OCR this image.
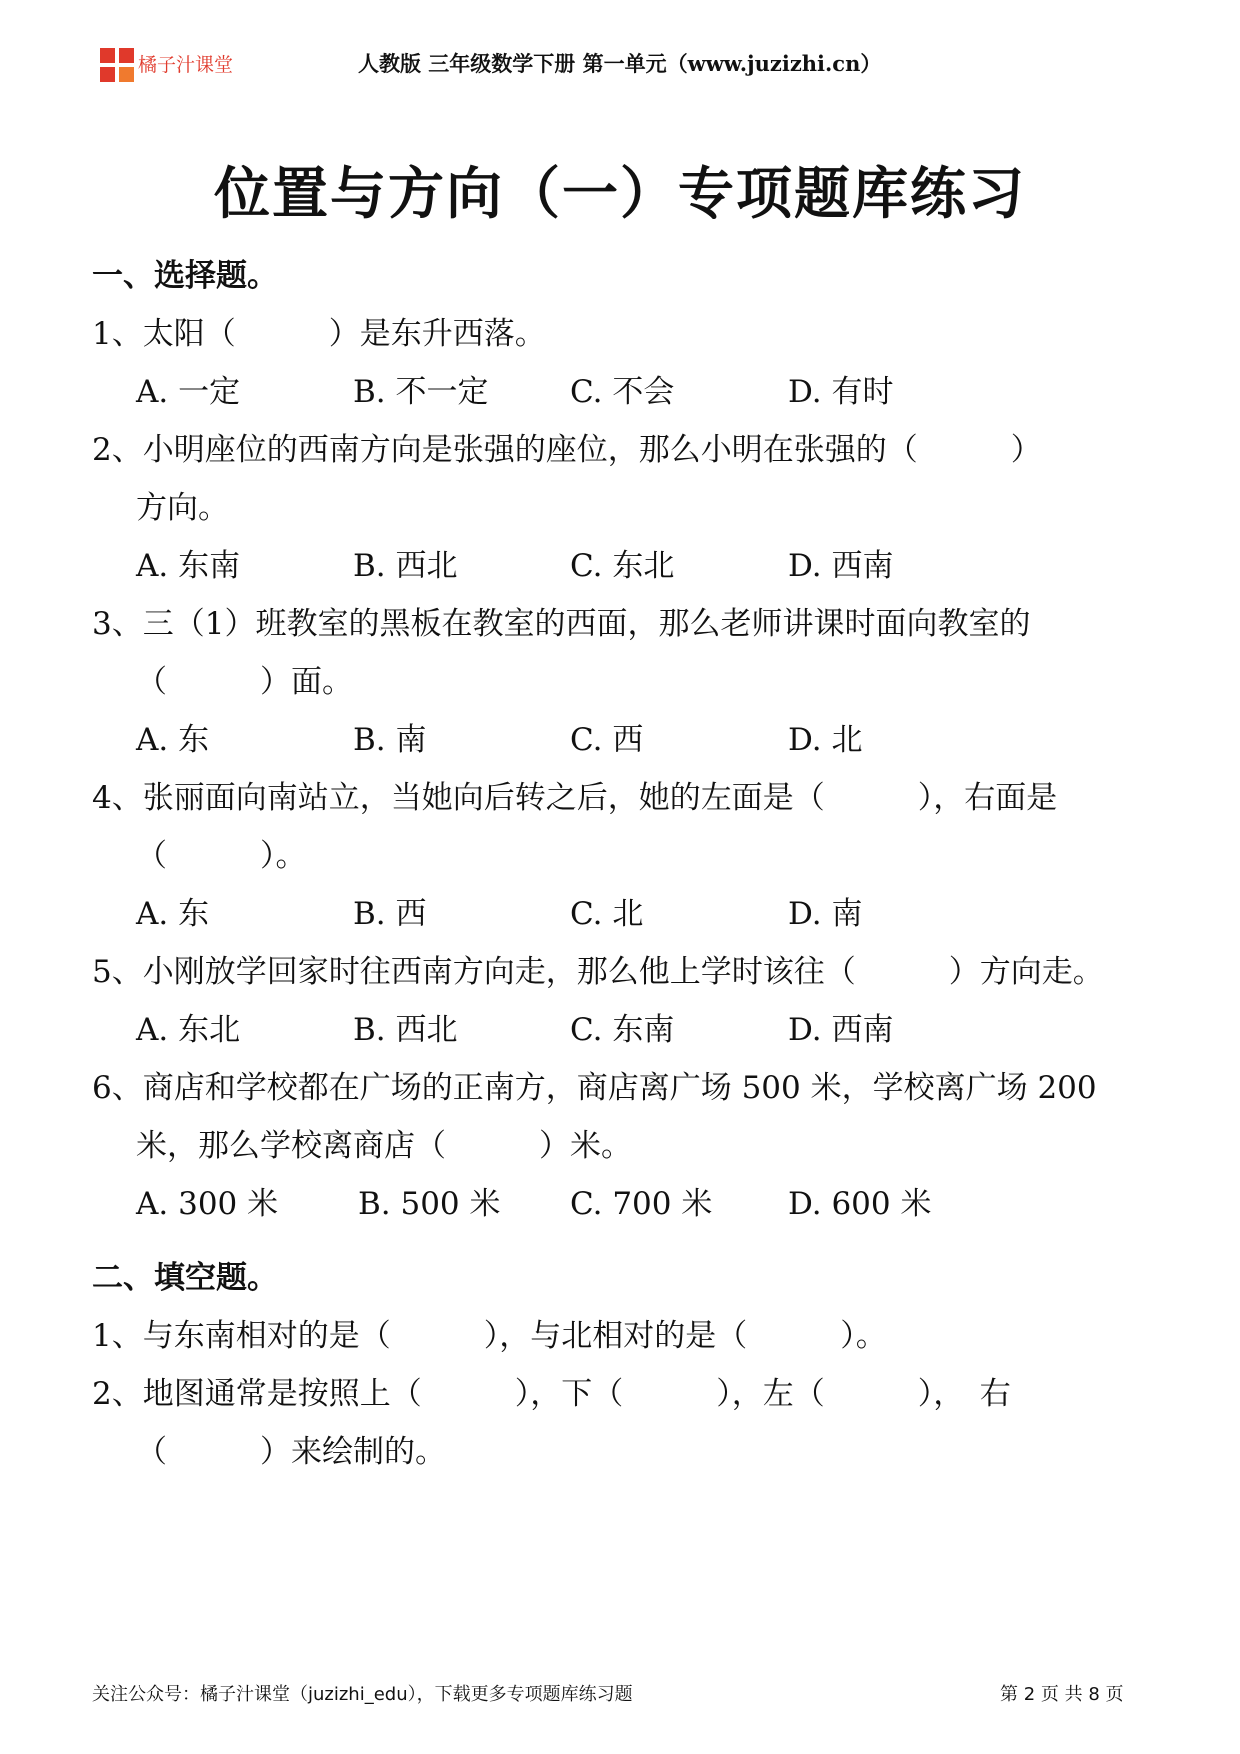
橘子汁课堂	人教版 三年级数学下册 第一单元（www.juzizhi.cn）
位置与方向（一）专项题库练习
一、选择题。
1、太阳（　　　）是东升西落。
A. 一定	B. 不一定	C. 不会	D. 有时
2、小明座位的西南方向是张强的座位，那么小明在张强的（　　　）
方向。
A. 东南	B. 西北	C. 东北	D. 西南
3、三（1）班教室的黑板在教室的西面，那么老师讲课时面向教室的
（　　　）面。
A. 东	B. 南	C. 西	D. 北
4、张丽面向南站立，当她向后转之后，她的左面是（　　　），右面是
（　　　）。
A. 东	B. 西	C. 北	D. 南
5、小刚放学回家时往西南方向走，那么他上学时该往（　　　）方向走。
A. 东北	B. 西北	C. 东南	D. 西南
6、商店和学校都在广场的正南方，商店离广场 500 米，学校离广场 200
米，那么学校离商店（　　　）米。
A. 300 米	B. 500 米 C. 700 米 D. 600 米
二、填空题。
1、与东南相对的是（　　　），与北相对的是（　　　）。
2、地图通常是按照上（　　　），下（　　　），左（　　　），　右
（　　　）来绘制的。
关注公众号：橘子汁课堂（juzizhi_edu），下载更多专项题库练习题	第 2 页 共 8 页
